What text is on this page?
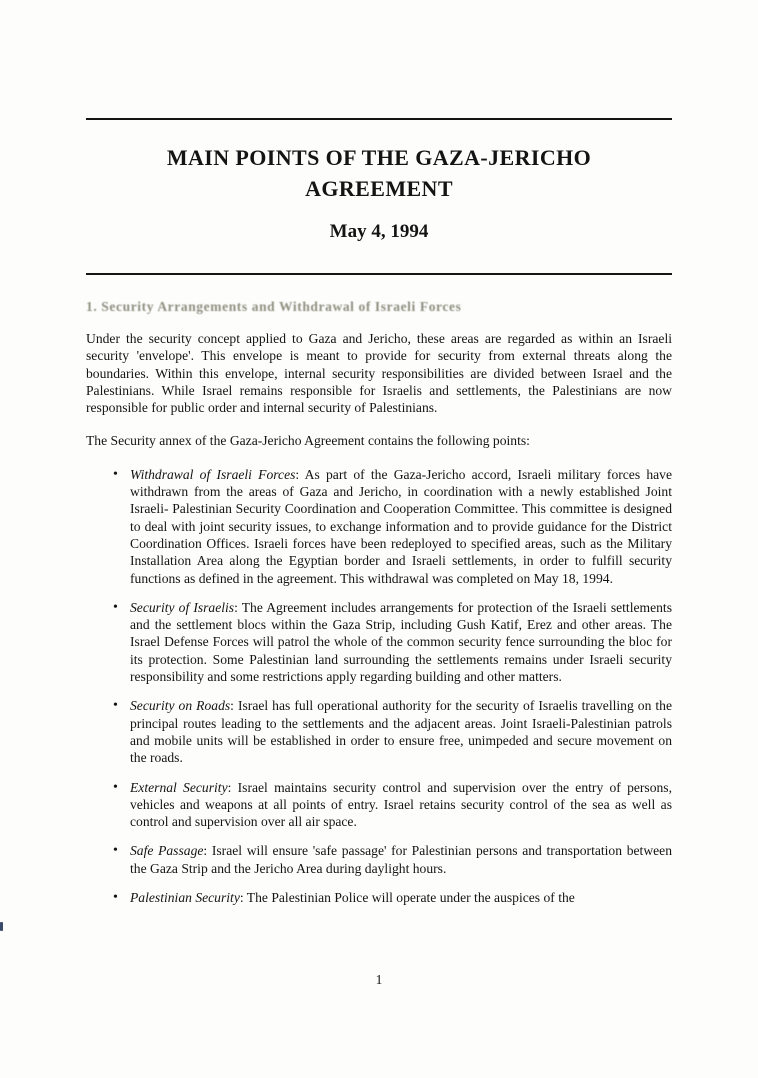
MAIN POINTS OF THE GAZA-JERICHO
AGREEMENT
May 4, 1994
1. Security Arrangements and Withdrawal of Israeli Forces

Under the security concept applied to Gaza and Jericho, these areas are regarded as within an Israeli security 'envelope'. This envelope is meant to provide for security from external threats along the boundaries. Within this envelope, internal security responsibilities are divided between Israel and the Palestinians. While Israel remains responsible for Israelis and settlements, the Palestinians are now responsible for public order and internal security of Palestinians.

The Security annex of the Gaza-Jericho Agreement contains the following points:

• Withdrawal of Israeli Forces: As part of the Gaza-Jericho accord, Israeli military forces have withdrawn from the areas of Gaza and Jericho, in coordination with a newly established Joint Israeli- Palestinian Security Coordination and Cooperation Committee. This committee is designed to deal with joint security issues, to exchange information and to provide guidance for the District Coordination Offices. Israeli forces have been redeployed to specified areas, such as the Military Installation Area along the Egyptian border and Israeli settlements, in order to fulfill security functions as defined in the agreement. This withdrawal was completed on May 18, 1994.
• Security of Israelis: The Agreement includes arrangements for protection of the Israeli settlements and the settlement blocs within the Gaza Strip, including Gush Katif, Erez and other areas. The Israel Defense Forces will patrol the whole of the common security fence surrounding the bloc for its protection. Some Palestinian land surrounding the settlements remains under Israeli security responsibility and some restrictions apply regarding building and other matters.
• Security on Roads: Israel has full operational authority for the security of Israelis travelling on the principal routes leading to the settlements and the adjacent areas. Joint Israeli-Palestinian patrols and mobile units will be established in order to ensure free, unimpeded and secure movement on the roads.
• External Security: Israel maintains security control and supervision over the entry of persons, vehicles and weapons at all points of entry. Israel retains security control of the sea as well as control and supervision over all air space.
• Safe Passage: Israel will ensure 'safe passage' for Palestinian persons and transportation between the Gaza Strip and the Jericho Area during daylight hours.
• Palestinian Security: The Palestinian Police will operate under the auspices of the
1
